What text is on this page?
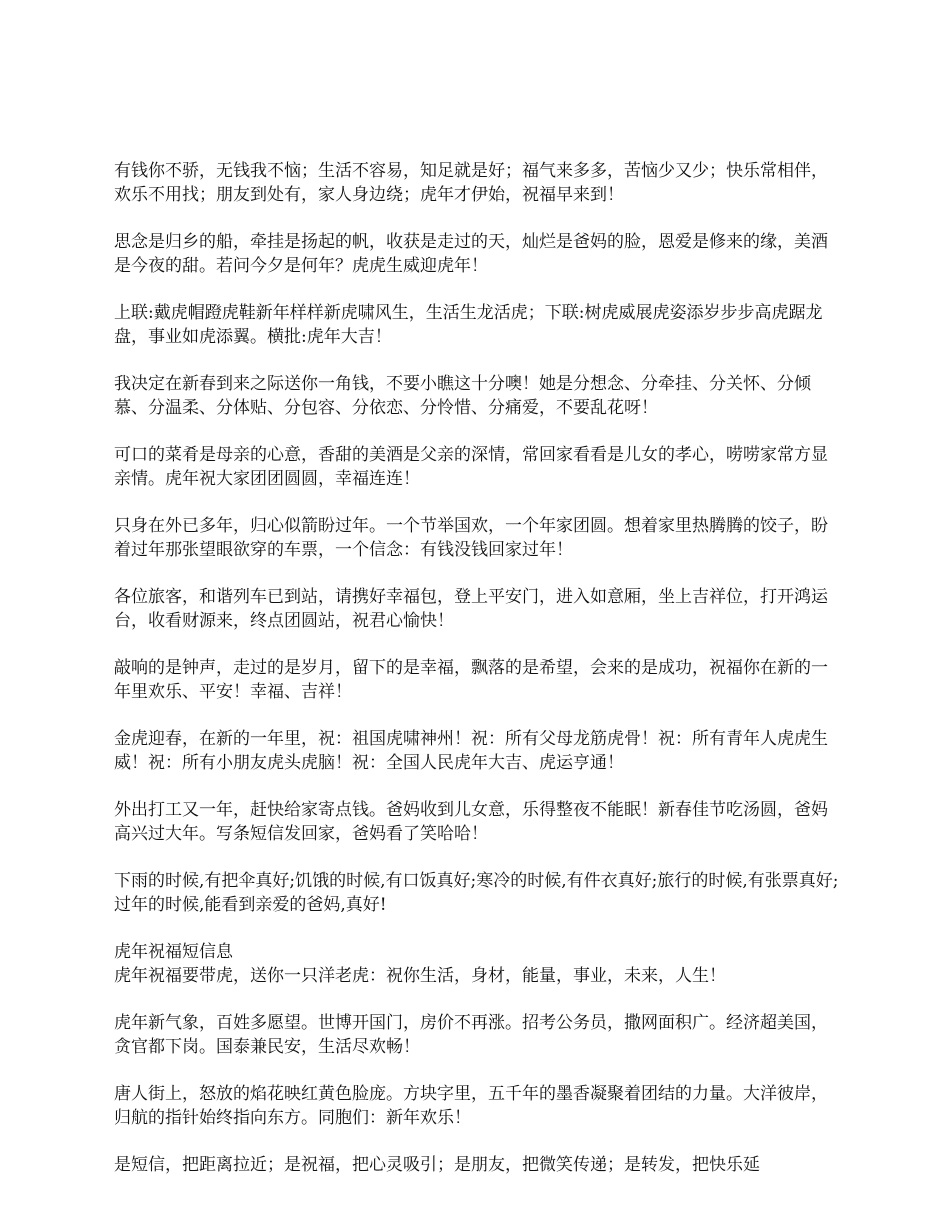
有钱你不骄，无钱我不恼；生活不容易，知足就是好；福气来多多，苦恼少又少；快乐常相伴，欢乐不用找；朋友到处有，家人身边绕；虎年才伊始，祝福早来到！

思念是归乡的船，牵挂是扬起的帆，收获是走过的天，灿烂是爸妈的脸，恩爱是修来的缘，美酒是今夜的甜。若问今夕是何年？虎虎生威迎虎年！

上联:戴虎帽蹬虎鞋新年样样新虎啸风生，生活生龙活虎；下联:树虎威展虎姿添岁步步高虎踞龙盘，事业如虎添翼。横批:虎年大吉！

我决定在新春到来之际送你一角钱，不要小瞧这十分噢！她是分想念、分牵挂、分关怀、分倾慕、分温柔、分体贴、分包容、分依恋、分怜惜、分痛爱，不要乱花呀！

可口的菜肴是母亲的心意，香甜的美酒是父亲的深情，常回家看看是儿女的孝心，唠唠家常方显亲情。虎年祝大家团团圆圆，幸福连连！

只身在外已多年，归心似箭盼过年。一个节举国欢，一个年家团圆。想着家里热腾腾的饺子，盼着过年那张望眼欲穿的车票，一个信念：有钱没钱回家过年！

各位旅客，和谐列车已到站，请携好幸福包，登上平安门，进入如意厢，坐上吉祥位，打开鸿运台，收看财源来，终点团圆站，祝君心愉快！

敲响的是钟声，走过的是岁月，留下的是幸福，飘落的是希望，会来的是成功，祝福你在新的一年里欢乐、平安！幸福、吉祥！

金虎迎春，在新的一年里，祝：祖国虎啸神州！祝：所有父母龙筋虎骨！祝：所有青年人虎虎生威！祝：所有小朋友虎头虎脑！祝：全国人民虎年大吉、虎运亨通！

外出打工又一年，赶快给家寄点钱。爸妈收到儿女意，乐得整夜不能眠！新春佳节吃汤圆，爸妈高兴过大年。写条短信发回家，爸妈看了笑哈哈！

下雨的时候,有把伞真好;饥饿的时候,有口饭真好;寒冷的时候,有件衣真好;旅行的时候,有张票真好;过年的时候,能看到亲爱的爸妈,真好!

虎年祝福短信息

虎年祝福要带虎，送你一只洋老虎：祝你生活，身材，能量，事业，未来，人生！

虎年新气象，百姓多愿望。世博开国门，房价不再涨。招考公务员，撒网面积广。经济超美国，贪官都下岗。国泰兼民安，生活尽欢畅！

唐人街上，怒放的焰花映红黄色脸庞。方块字里，五千年的墨香凝聚着团结的力量。大洋彼岸，归航的指针始终指向东方。同胞们：新年欢乐！

是短信，把距离拉近；是祝福，把心灵吸引；是朋友，把微笑传递；是转发，把快乐延
